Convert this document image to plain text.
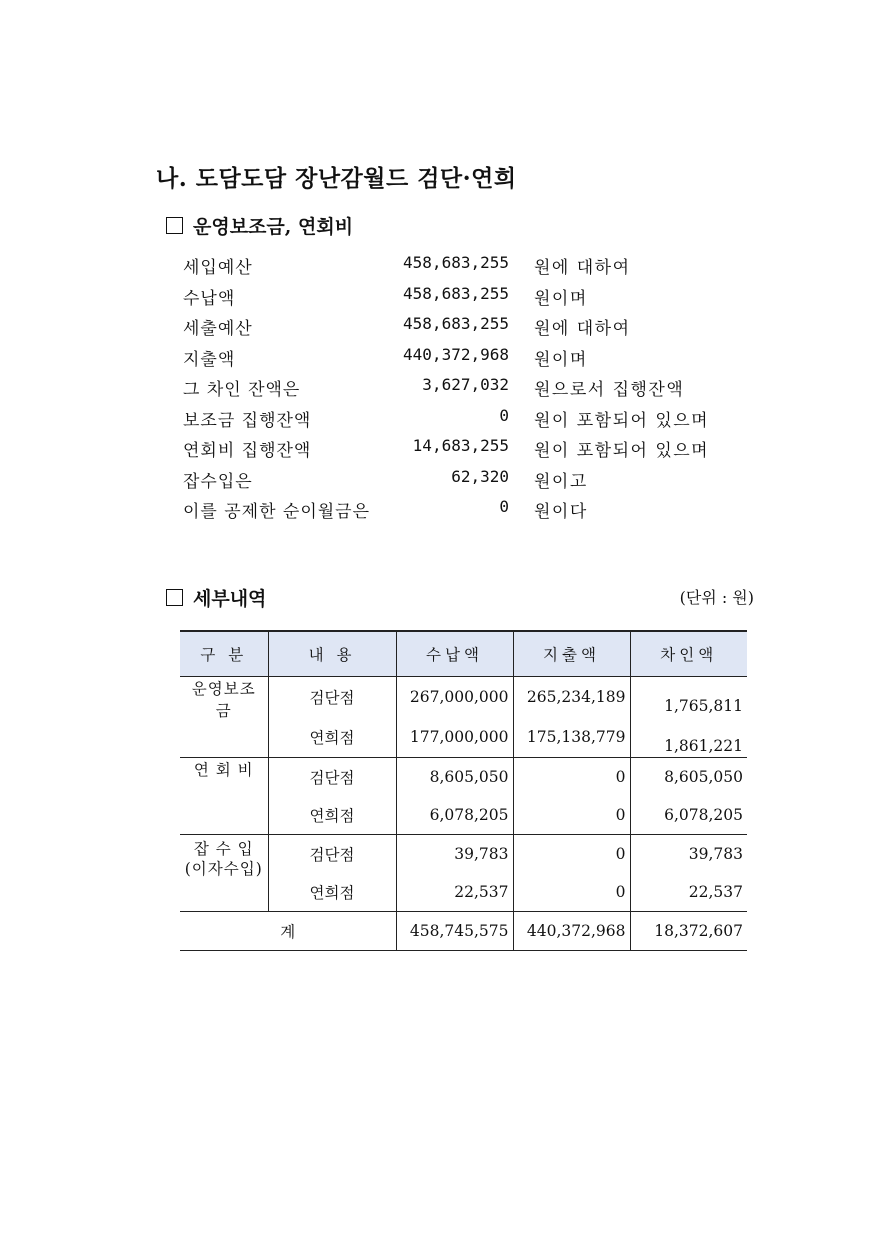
나. 도담도담 장난감월드 검단·연희
운영보조금, 연회비
세입예산	458,683,255 원에 대하여
수납액	458,683,255 원이며
세출예산	458,683,255 원에 대하여
지출액	440,372,968 원이며
그 차인 잔액은	3,627,032 원으로서 집행잔액
보조금 집행잔액	0 원이 포함되어 있으며
연회비 집행잔액	14,683,255 원이 포함되어 있으며
잡수입은	62,320 원이고
이를 공제한 순이월금은	0 원이다
세부내역	(단위 : 원)
구 분	내 용	수납액	지출액	차인액
운영보조금	검단점	267,000,000	265,234,189	1,765,811
	연희점	177,000,000	175,138,779	1,861,221
연 회 비	검단점	8,605,050	0	8,605,050
	연희점	6,078,205	0	6,078,205
잡 수 입
(이자수입)	검단점	39,783	0	39,783
	연희점	22,537	0	22,537
계		458,745,575	440,372,968	18,372,607
